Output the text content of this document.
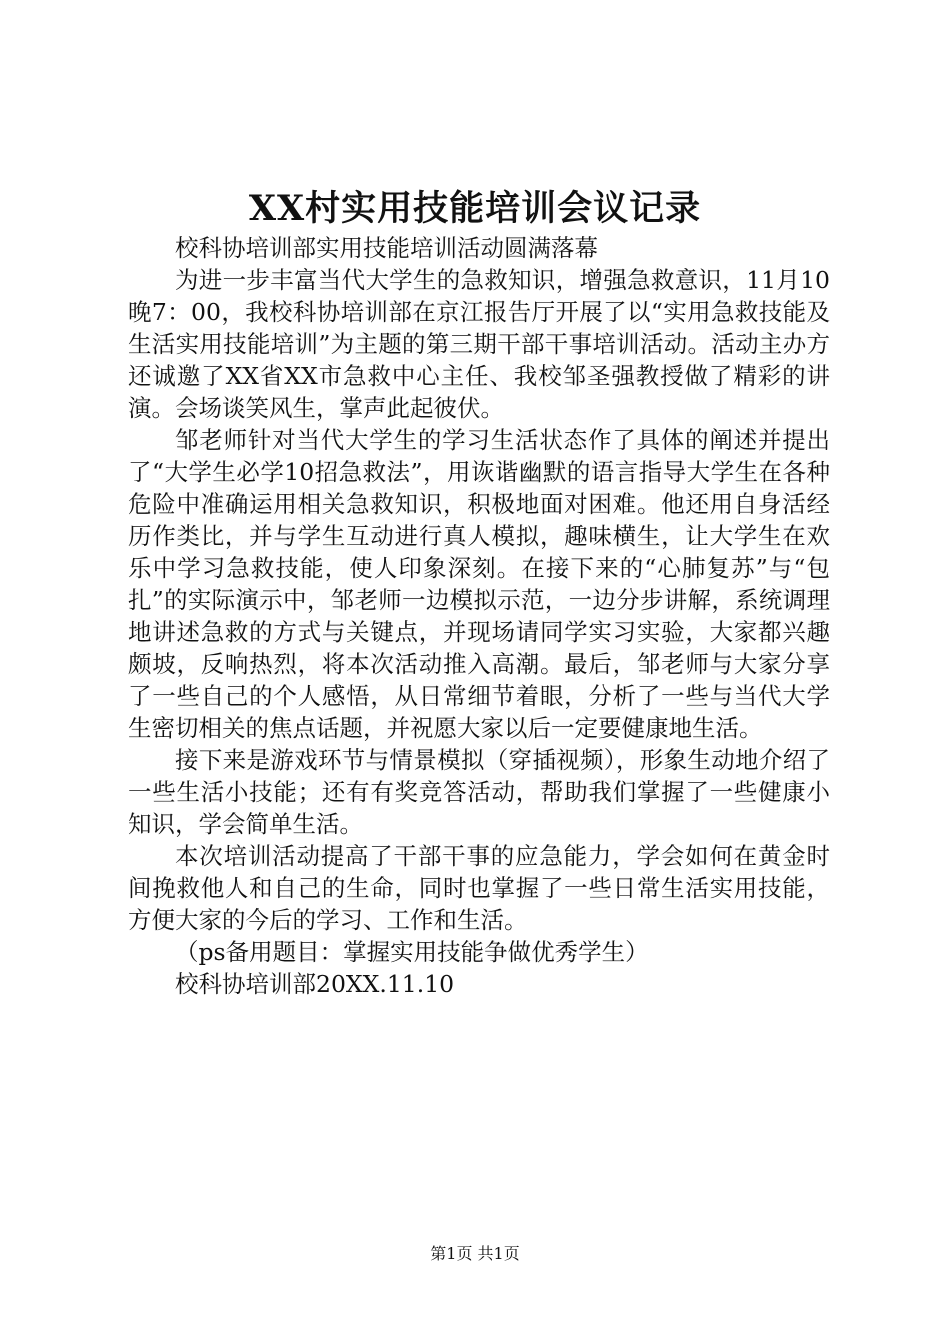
XX村实用技能培训会议记录

校科协培训部实用技能培训活动圆满落幕

为进一步丰富当代大学生的急救知识，增强急救意识，11月10晚7：00，我校科协培训部在京江报告厅开展了以“实用急救技能及生活实用技能培训”为主题的第三期干部干事培训活动。活动主办方还诚邀了XX省XX市急救中心主任、我校邹圣强教授做了精彩的讲演。会场谈笑风生，掌声此起彼伏。

邹老师针对当代大学生的学习生活状态作了具体的阐述并提出了“大学生必学10招急救法”，用诙谐幽默的语言指导大学生在各种危险中准确运用相关急救知识，积极地面对困难。他还用自身活经历作类比，并与学生互动进行真人模拟，趣味横生，让大学生在欢乐中学习急救技能，使人印象深刻。在接下来的“心肺复苏”与“包扎”的实际演示中，邹老师一边模拟示范，一边分步讲解，系统调理地讲述急救的方式与关键点，并现场请同学实习实验，大家都兴趣颇坡，反响热烈，将本次活动推入高潮。最后，邹老师与大家分享了一些自己的个人感悟，从日常细节着眼，分析了一些与当代大学生密切相关的焦点话题，并祝愿大家以后一定要健康地生活。

接下来是游戏环节与情景模拟（穿插视频），形象生动地介绍了一些生活小技能；还有有奖竞答活动，帮助我们掌握了一些健康小知识，学会简单生活。

本次培训活动提高了干部干事的应急能力，学会如何在黄金时间挽救他人和自己的生命，同时也掌握了一些日常生活实用技能，方便大家的今后的学习、工作和生活。

（ps备用题目：掌握实用技能争做优秀学生）

校科协培训部20XX.11.10

第1页 共1页
